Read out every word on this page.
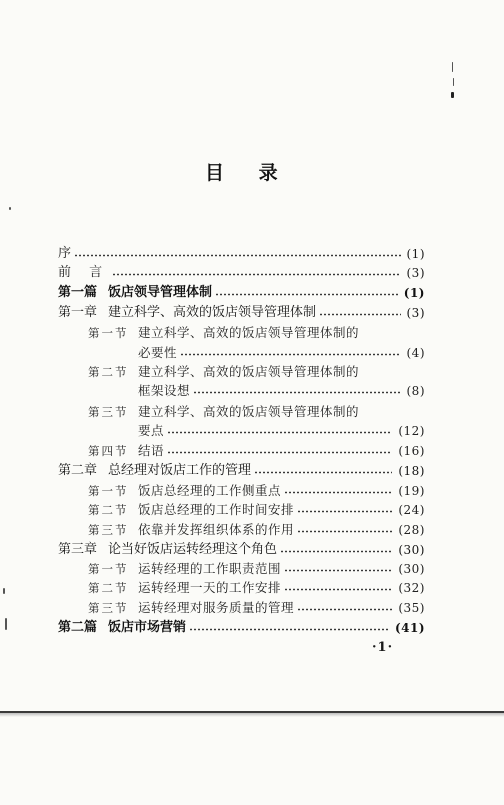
目 录
序	(1)
前 言	(3)
第一篇 饭店领导管理体制	(1)
第一章 建立科学、高效的饭店领导管理体制	(3)
第一节 建立科学、高效的饭店领导管理体制的
必要性	(4)
第二节 建立科学、高效的饭店领导管理体制的
框架设想	(8)
第三节 建立科学、高效的饭店领导管理体制的
要点	(12)
第四节 结语	(16)
第二章 总经理对饭店工作的管理	(18)
第一节 饭店总经理的工作侧重点	(19)
第二节 饭店总经理的工作时间安排	(24)
第三节 依靠并发挥组织体系的作用	(28)
第三章 论当好饭店运转经理这个角色	(30)
第一节 运转经理的工作职责范围	(30)
第二节 运转经理一天的工作安排	(32)
第三节 运转经理对服务质量的管理	(35)
第二篇 饭店市场营销	(41)
·1·
